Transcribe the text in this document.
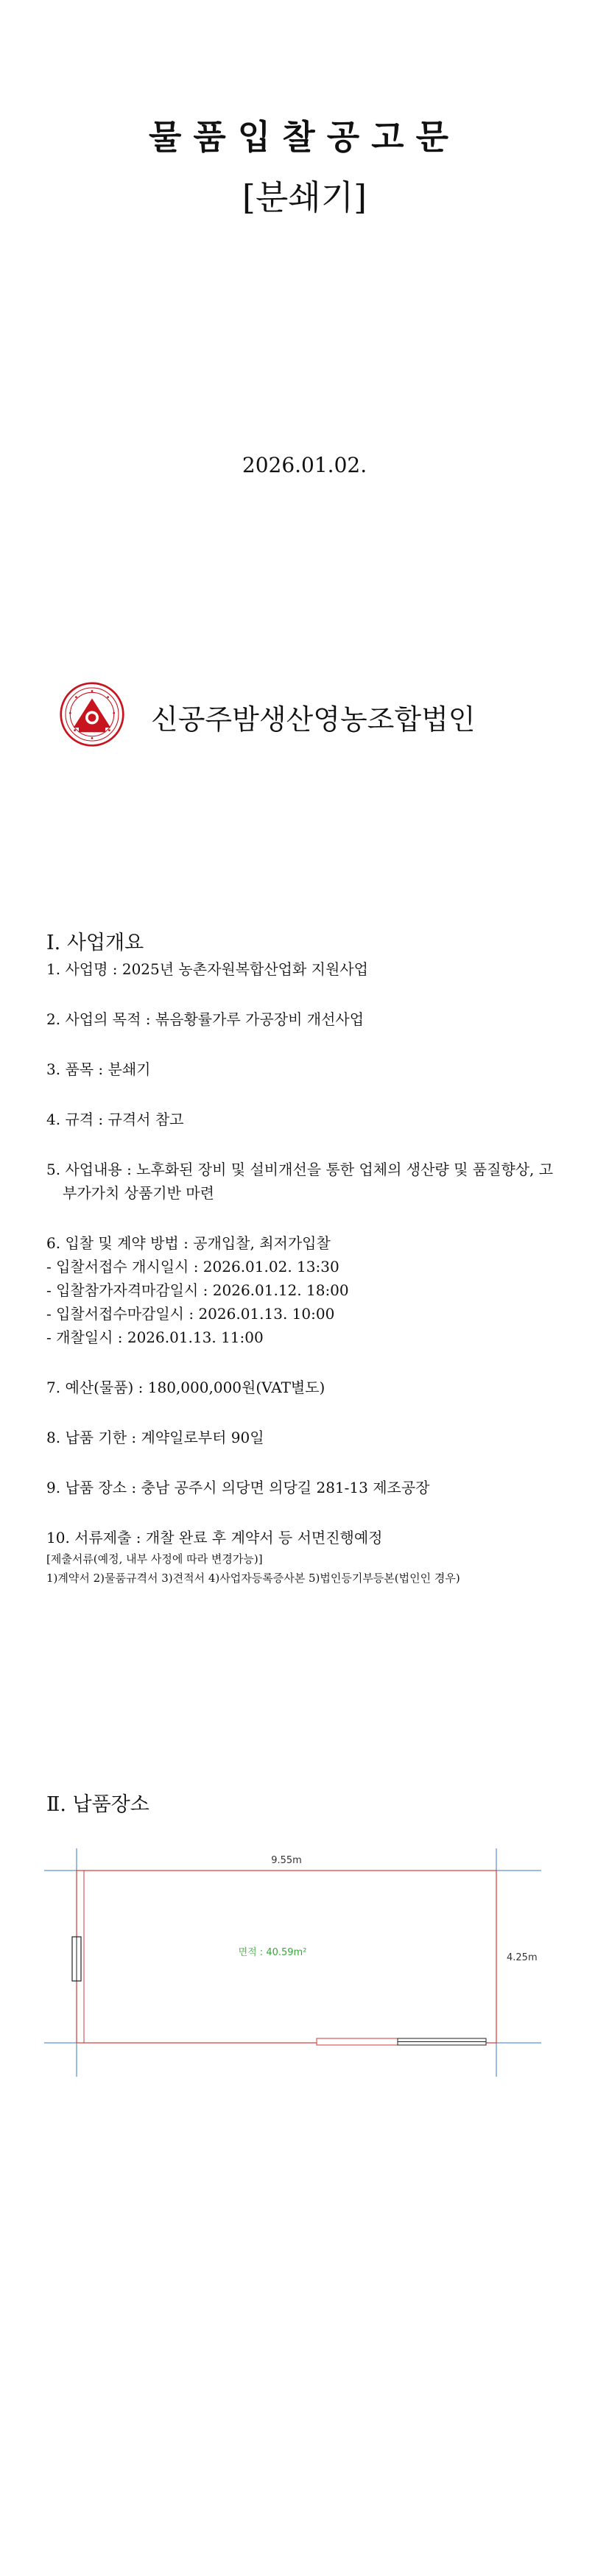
물품입찰공고문
[분쇄기]
2026.01.02.
신공주밤생산영농조합법인
Ⅰ. 사업개요
1. 사업명 : 2025년 농촌자원복합산업화 지원사업
2. 사업의 목적 : 볶음황률가루 가공장비 개선사업
3. 품목 : 분쇄기
4. 규격 : 규격서 참고
5. 사업내용 : 노후화된 장비 및 설비개선을 통한 업체의 생산량 및 품질향상, 고부가가치 상품기반 마련
6. 입찰 및 계약 방법 : 공개입찰, 최저가입찰
- 입찰서접수 개시일시 : 2026.01.02. 13:30
- 입찰참가자격마감일시 : 2026.01.12. 18:00
- 입찰서접수마감일시 : 2026.01.13. 10:00
- 개찰일시 : 2026.01.13. 11:00
7. 예산(물품) : 180,000,000원(VAT별도)
8. 납품 기한 : 계약일로부터 90일
9. 납품 장소 : 충남 공주시 의당면 의당길 281-13 제조공장
10. 서류제출 : 개찰 완료 후 계약서 등 서면진행예정
[제출서류(예정, 내부 사정에 따라 변경가능)]
1)계약서 2)물품규격서 3)견적서 4)사업자등록증사본 5)법인등기부등본(법인인 경우)
Ⅱ. 납품장소
9.55m
4.25m
면적 : 40.59m²
